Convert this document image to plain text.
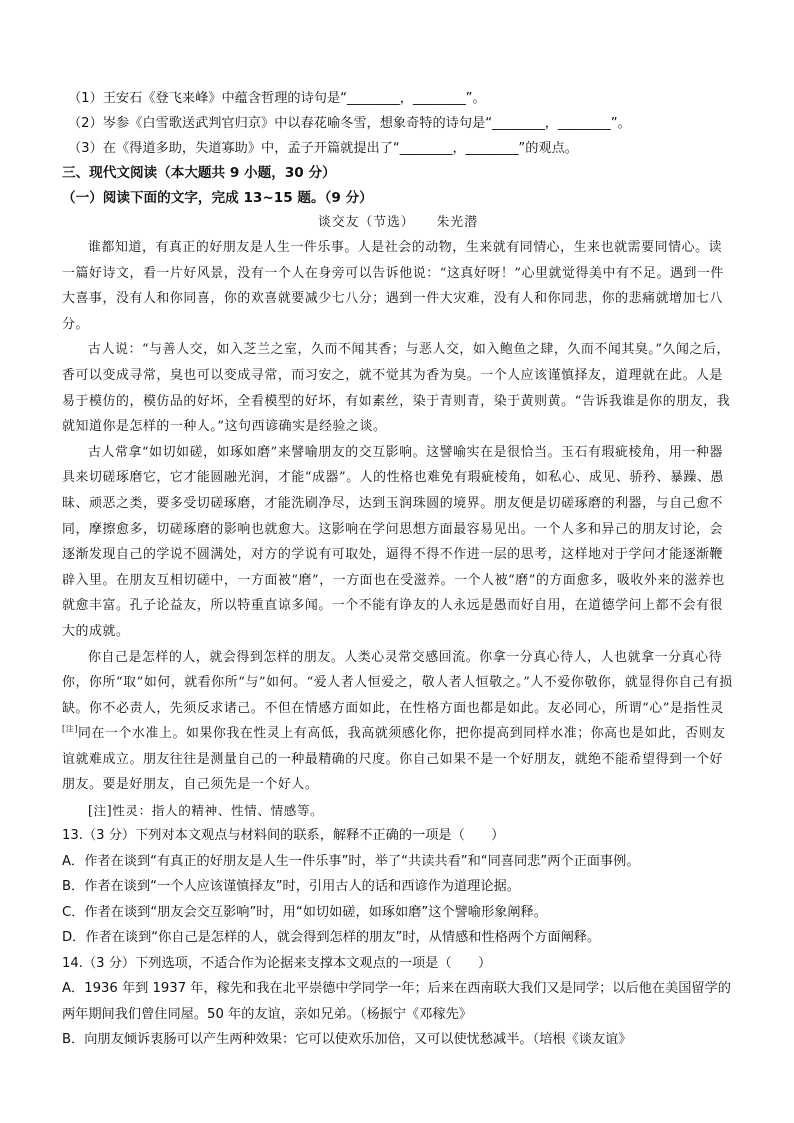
（1）王安石《登飞来峰》中蕴含哲理的诗句是“________，________”。
（2）岑参《白雪歌送武判官归京》中以春花喻冬雪，想象奇特的诗句是“________，________”。
（3）在《得道多助，失道寡助》中，孟子开篇就提出了“________，________”的观点。
三、现代文阅读（本大题共 9 小题，30 分）
（一）阅读下面的文字，完成 13~15 题。（9 分）
谈交友（节选） 朱光潜
谁都知道，有真正的好朋友是人生一件乐事。人是社会的动物，生来就有同情心，生来也就需要同情心。读一篇好诗文，看一片好风景，没有一个人在身旁可以告诉他说：“这真好呀！”心里就觉得美中有不足。遇到一件大喜事，没有人和你同喜，你的欢喜就要减少七八分；遇到一件大灾难，没有人和你同悲，你的悲痛就增加七八分。
古人说：“与善人交，如入芝兰之室，久而不闻其香；与恶人交，如入鲍鱼之肆，久而不闻其臭。”久闻之后，香可以变成寻常，臭也可以变成寻常，而习安之，就不觉其为香为臭。一个人应该谨慎择友，道理就在此。人是易于模仿的，模仿品的好坏，全看模型的好坏，有如素丝，染于青则青，染于黄则黄。“告诉我谁是你的朋友，我就知道你是怎样的一种人。”这句西谚确实是经验之谈。
古人常拿“如切如磋，如琢如磨”来譬喻朋友的交互影响。这譬喻实在是很恰当。玉石有瑕疵棱角，用一种器具来切磋琢磨它，它才能圆融光润，才能“成器”。人的性格也难免有瑕疵棱角，如私心、成见、骄矜、暴躁、愚昧、顽恶之类，要多受切磋琢磨，才能洗刷净尽，达到玉润珠圆的境界。朋友便是切磋琢磨的利器，与自己愈不同，摩擦愈多，切磋琢磨的影响也就愈大。这影响在学问思想方面最容易见出。一个人多和异己的朋友讨论，会逐渐发现自己的学说不圆满处，对方的学说有可取处，逼得不得不作进一层的思考，这样地对于学问才能逐渐鞭辟入里。在朋友互相切磋中，一方面被“磨”，一方面也在受滋养。一个人被“磨”的方面愈多，吸收外来的滋养也就愈丰富。孔子论益友，所以特重直谅多闻。一个不能有诤友的人永远是愚而好自用，在道德学问上都不会有很大的成就。
你自己是怎样的人，就会得到怎样的朋友。人类心灵常交感回流。你拿一分真心待人，人也就拿一分真心待你，你所“取”如何，就看你所“与”如何。“爱人者人恒爱之，敬人者人恒敬之。”人不爱你敬你，就显得你自己有损缺。你不必责人，先须反求诸己。不但在情感方面如此，在性格方面也都是如此。友必同心，所谓“心”是指性灵[注]同在一个水准上。如果你我在性灵上有高低，我高就须感化你，把你提高到同样水准；你高也是如此，否则友谊就难成立。朋友往往是测量自己的一种最精确的尺度。你自己如果不是一个好朋友，就绝不能希望得到一个好朋友。要是好朋友，自己须先是一个好人。
[注]性灵：指人的精神、性情、情感等。
13.（3 分）下列对本文观点与材料间的联系，解释不正确的一项是（　　）
A．作者在谈到“有真正的好朋友是人生一件乐事”时，举了“共读共看”和“同喜同悲”两个正面事例。
B．作者在谈到“一个人应该谨慎择友”时，引用古人的话和西谚作为道理论据。
C．作者在谈到“朋友会交互影响”时，用“如切如磋，如琢如磨”这个譬喻形象阐释。
D．作者在谈到“你自己是怎样的人，就会得到怎样的朋友”时，从情感和性格两个方面阐释。
14.（3 分）下列选项，不适合作为论据来支撑本文观点的一项是（　　）
A．1936 年到 1937 年，稼先和我在北平崇德中学同学一年；后来在西南联大我们又是同学；以后他在美国留学的两年期间我们曾住同屋。50 年的友谊，亲如兄弟。（杨振宁《邓稼先》
B．向朋友倾诉衷肠可以产生两种效果：它可以使欢乐加倍，又可以使忧愁减半。（培根《谈友谊》
